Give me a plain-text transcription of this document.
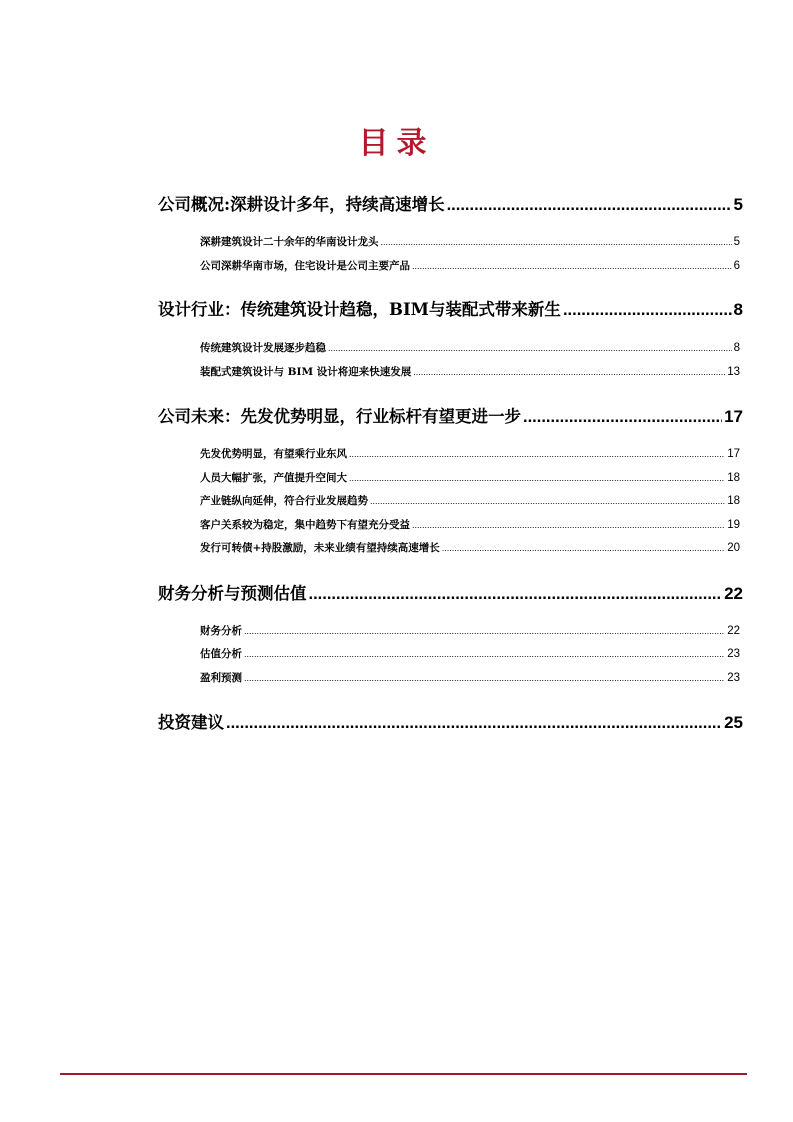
目录
公司概况:深耕设计多年，持续高速增长 .....	5
深耕建筑设计二十余年的华南设计龙头 .....	5
公司深耕华南市场，住宅设计是公司主要产品 .....	6
设计行业：传统建筑设计趋稳，BIM与装配式带来新生 .....	8
传统建筑设计发展逐步趋稳 .....	8
装配式建筑设计与 BIM 设计将迎来快速发展 .....	13
公司未来：先发优势明显，行业标杆有望更进一步 .....	17
先发优势明显，有望乘行业东风 .....	17
人员大幅扩张，产值提升空间大 .....	18
产业链纵向延伸，符合行业发展趋势 .....	18
客户关系较为稳定，集中趋势下有望充分受益 .....	19
发行可转债+持股激励，未来业绩有望持续高速增长 .....	20
财务分析与预测估值 .....	22
财务分析 .....	22
估值分析 .....	23
盈利预测 .....	23
投资建议 .....	25
